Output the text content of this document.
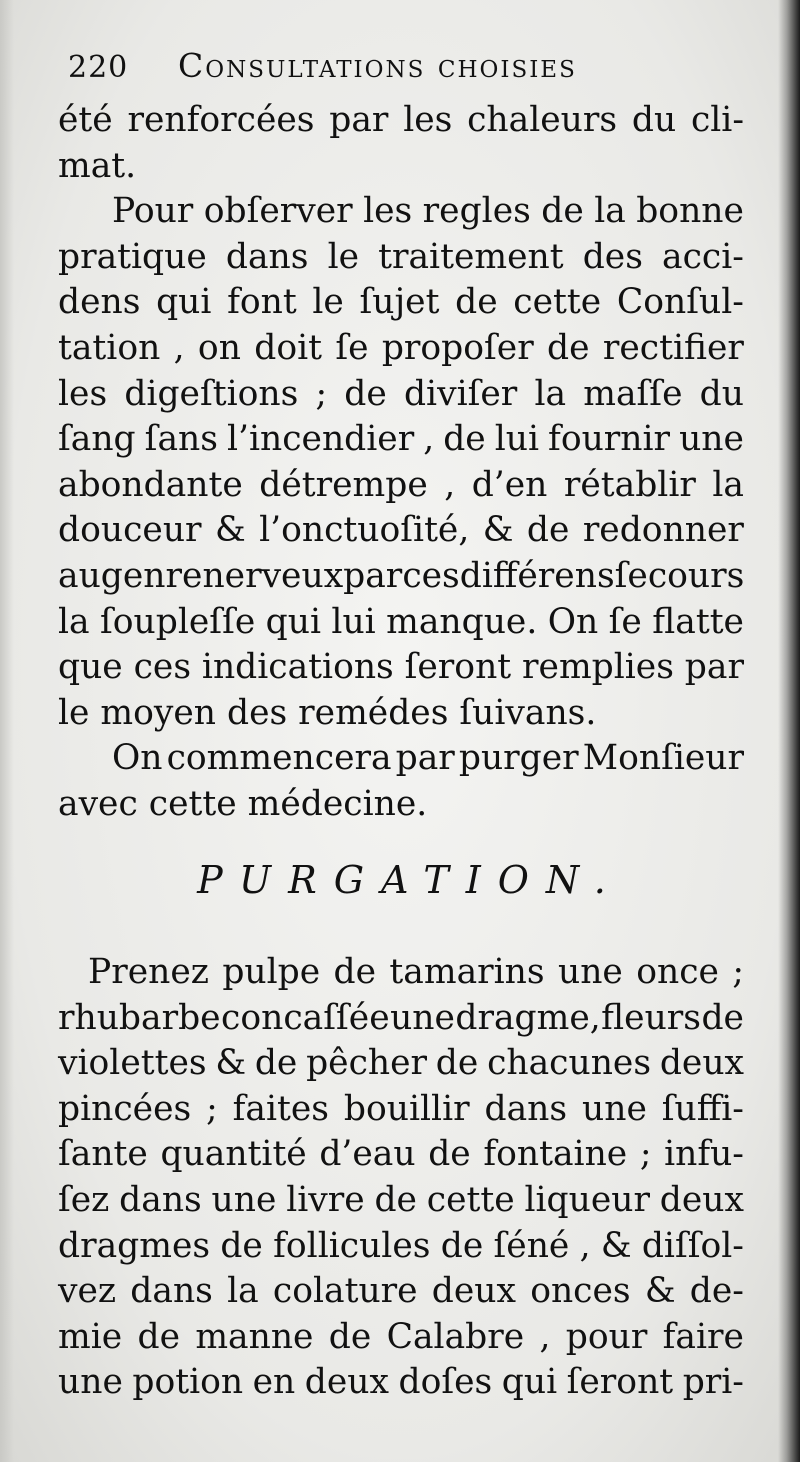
220	Consultations choisies
été renforcées par les chaleurs du cli-
mat.
Pour obſerver les regles de la bonne
pratique dans le traitement des acci-
dens qui font le ſujet de cette Conſul-
tation , on doit ſe propoſer de rectifier
les digeſtions ; de diviſer la maſſe du
ſang ſans l’incendier , de lui fournir une
abondante détrempe , d’en rétablir la
douceur & l’onctuoſité, & de redonner
au genre nerveux par ces différens ſecours
la ſoupleſſe qui lui manque. On ſe flatte
que ces indications ſeront remplies par
le moyen des remédes ſuivans.
On commencera par purger Monſieur
avec cette médecine.
PURGATION.
Prenez pulpe de tamarins une once ;
rhubarbe concaſſée une dragme, fleurs de
violettes & de pêcher de chacunes deux
pincées ; faites bouillir dans une ſuffi-
ſante quantité d’eau de fontaine ; infu-
ſez dans une livre de cette liqueur deux
dragmes de follicules de ſéné , & diſſol-
vez dans la colature deux onces & de-
mie de manne de Calabre , pour faire
une potion en deux doſes qui ſeront pri-
